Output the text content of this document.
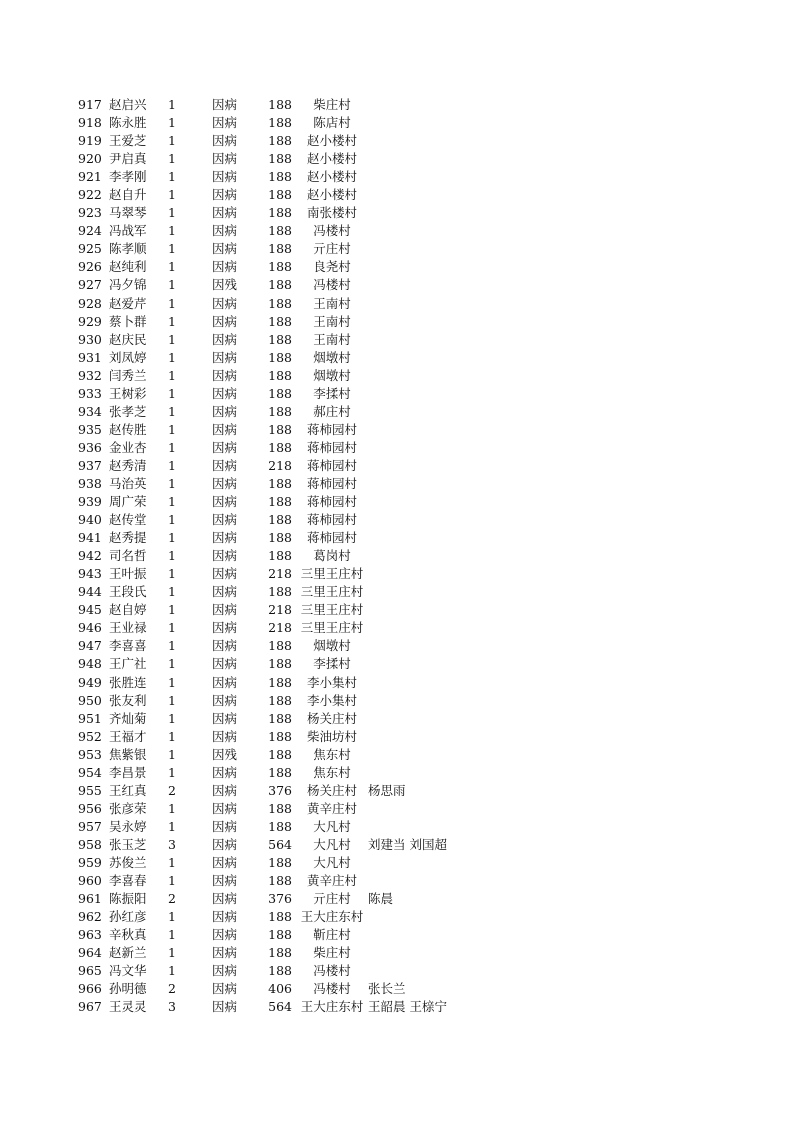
917 赵启兴	1	因病	188	柴庄村
918 陈永胜	1	因病	188	陈店村
919 王爱芝	1	因病	188	赵小楼村
920 尹启真	1	因病	188	赵小楼村
921 李孝刚	1	因病	188	赵小楼村
922 赵自升	1	因病	188	赵小楼村
923 马翠琴	1	因病	188	南张楼村
924 冯战军	1	因病	188	冯楼村
925 陈孝顺	1	因病	188	亓庄村
926 赵纯利	1	因病	188	良尧村
927 冯夕锦	1	因残	188	冯楼村
928 赵爱芹	1	因病	188	王南村
929 蔡卜群	1	因病	188	王南村
930 赵庆民	1	因病	188	王南村
931 刘凤婷	1	因病	188	烟墩村
932 闫秀兰	1	因病	188	烟墩村
933 王树彩	1	因病	188	李揉村
934 张孝芝	1	因病	188	郝庄村
935 赵传胜	1	因病	188	蒋柿园村
936 金业杏	1	因病	188	蒋柿园村
937 赵秀清	1	因病	218	蒋柿园村
938 马治英	1	因病	188	蒋柿园村
939 周广荣	1	因病	188	蒋柿园村
940 赵传堂	1	因病	188	蒋柿园村
941 赵秀提	1	因病	188	蒋柿园村
942 司名哲	1	因病	188	葛岗村
943 王叶振	1	因病	218 三里王庄村
944 王段氏	1	因病	188 三里王庄村
945 赵自婷	1	因病	218 三里王庄村
946 王业禄	1	因病	218 三里王庄村
947 李喜喜	1	因病	188	烟墩村
948 王广社	1	因病	188	李揉村
949 张胜连	1	因病	188	李小集村
950 张友利	1	因病	188	李小集村
951 齐灿菊	1	因病	188	杨关庄村
952 王福才	1	因病	188	柴油坊村
953 焦紫银	1	因残	188	焦东村
954 李昌景	1	因病	188	焦东村
955 王红真	2	因病	376	杨关庄村 杨思雨
956 张彦荣	1	因病	188	黄辛庄村
957 吴永婷	1	因病	188	大凡村
958 张玉芝	3	因病	564	大凡村	刘建当 刘国超
959 苏俊兰	1	因病	188	大凡村
960 李喜春	1	因病	188	黄辛庄村
961 陈振阳	2	因病	376	亓庄村	陈晨
962 孙红彦	1	因病	188 王大庄东村
963 辛秋真	1	因病	188	靳庄村
964 赵新兰	1	因病	188	柴庄村
965 冯文华	1	因病	188	冯楼村
966 孙明德	2	因病	406	冯楼村	张长兰
967 王灵灵	3	因病	564 王大庄东村 王韶晨 王榇宁
